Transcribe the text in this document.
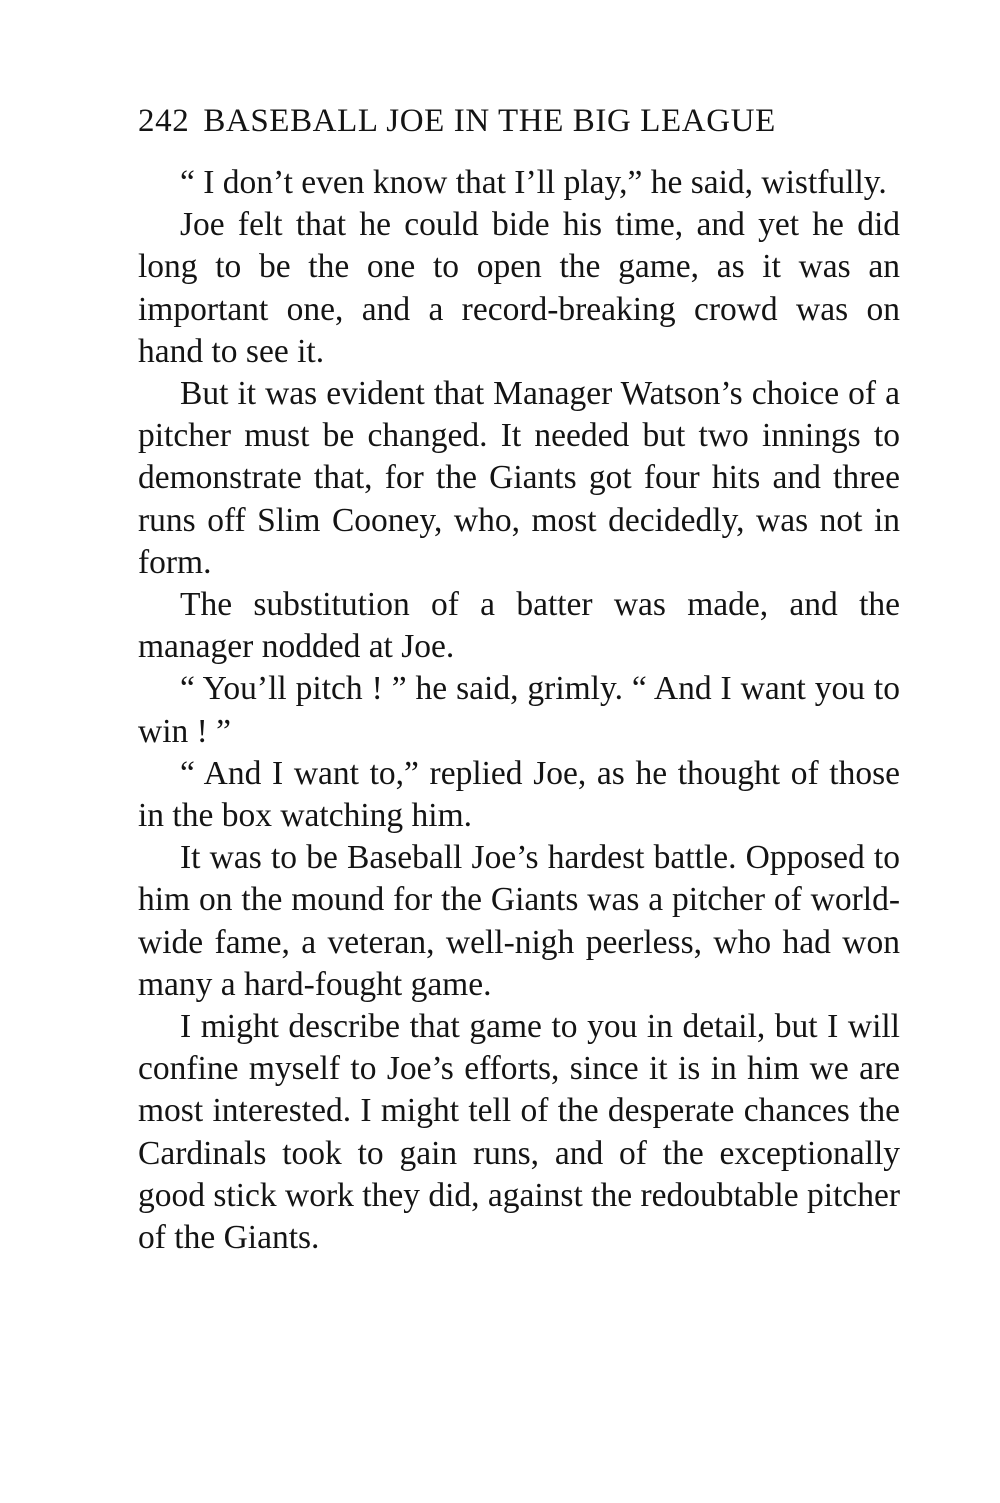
242 BASEBALL JOE IN THE BIG LEAGUE

“ I don’t even know that I’ll play,” he said, wistfully.

Joe felt that he could bide his time, and yet he did long to be the one to open the game, as it was an important one, and a record-breaking crowd was on hand to see it.

But it was evident that Manager Watson’s choice of a pitcher must be changed. It needed but two innings to demonstrate that, for the Giants got four hits and three runs off Slim Cooney, who, most decidedly, was not in form.

The substitution of a batter was made, and the manager nodded at Joe.

“ You’ll pitch ! ” he said, grimly. “ And I want you to win ! ”

“ And I want to,” replied Joe, as he thought of those in the box watching him.

It was to be Baseball Joe’s hardest battle. Opposed to him on the mound for the Giants was a pitcher of world-wide fame, a veteran, well-nigh peerless, who had won many a hard-fought game.

I might describe that game to you in detail, but I will confine myself to Joe’s efforts, since it is in him we are most interested. I might tell of the desperate chances the Cardinals took to gain runs, and of the exceptionally good stick work they did, against the redoubtable pitcher of the Giants.
